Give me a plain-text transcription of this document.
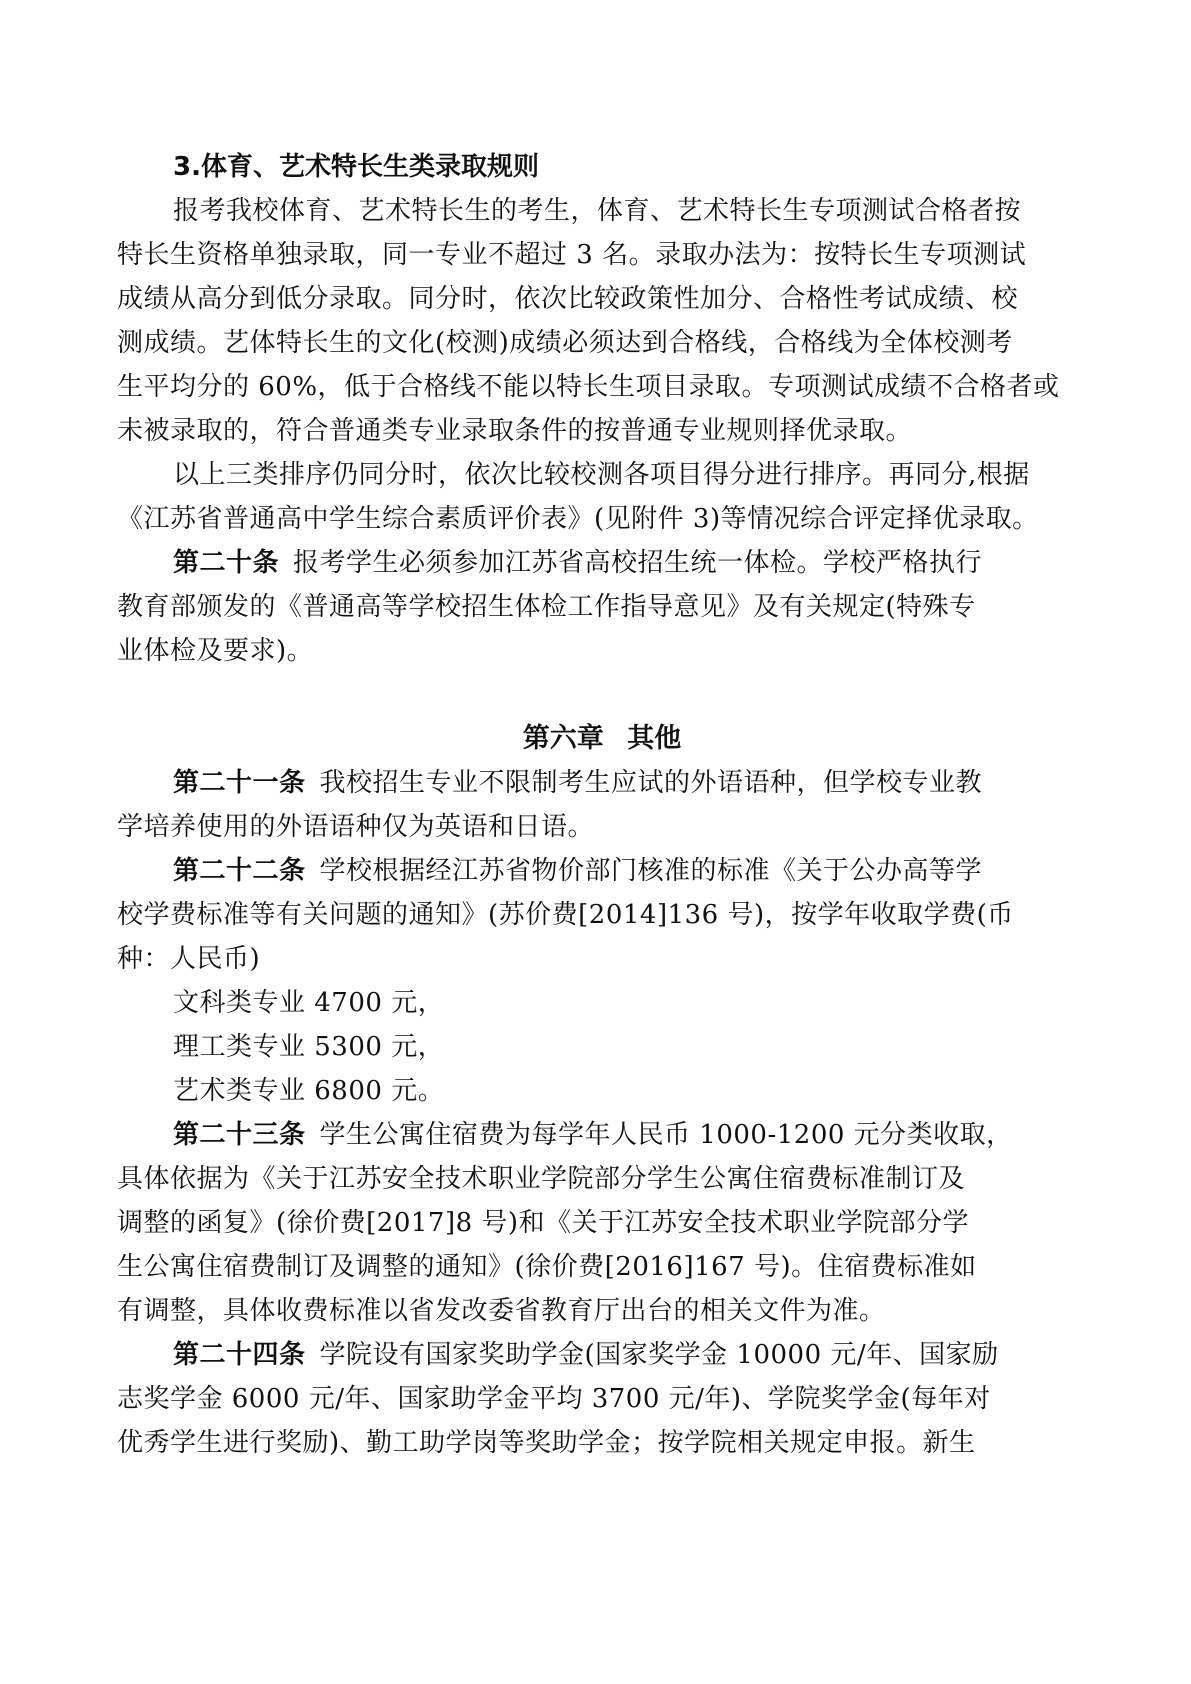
3.体育、艺术特长生类录取规则
报考我校体育、艺术特长生的考生，体育、艺术特长生专项测试合格者按
特长生资格单独录取，同一专业不超过 3 名。录取办法为：按特长生专项测试
成绩从高分到低分录取。同分时，依次比较政策性加分、合格性考试成绩、校
测成绩。艺体特长生的文化(校测)成绩必须达到合格线，合格线为全体校测考
生平均分的 60%，低于合格线不能以特长生项目录取。专项测试成绩不合格者或
未被录取的，符合普通类专业录取条件的按普通专业规则择优录取。
以上三类排序仍同分时，依次比较校测各项目得分进行排序。再同分,根据
《江苏省普通高中学生综合素质评价表》(见附件 3)等情况综合评定择优录取。
第二十条 报考学生必须参加江苏省高校招生统一体检。学校严格执行
教育部颁发的《普通高等学校招生体检工作指导意见》及有关规定(特殊专
业体检及要求)。
第六章 其他
第二十一条 我校招生专业不限制考生应试的外语语种，但学校专业教
学培养使用的外语语种仅为英语和日语。
第二十二条 学校根据经江苏省物价部门核准的标准《关于公办高等学
校学费标准等有关问题的通知》(苏价费[2014]136 号)，按学年收取学费(币
种：人民币)
文科类专业 4700 元，
理工类专业 5300 元，
艺术类专业 6800 元。
第二十三条 学生公寓住宿费为每学年人民币 1000-1200 元分类收取，
具体依据为《关于江苏安全技术职业学院部分学生公寓住宿费标准制订及
调整的函复》(徐价费[2017]8 号)和《关于江苏安全技术职业学院部分学
生公寓住宿费制订及调整的通知》(徐价费[2016]167 号)。住宿费标准如
有调整，具体收费标准以省发改委省教育厅出台的相关文件为准。
第二十四条 学院设有国家奖助学金(国家奖学金 10000 元/年、国家励
志奖学金 6000 元/年、国家助学金平均 3700 元/年)、学院奖学金(每年对
优秀学生进行奖励)、勤工助学岗等奖助学金；按学院相关规定申报。新生
